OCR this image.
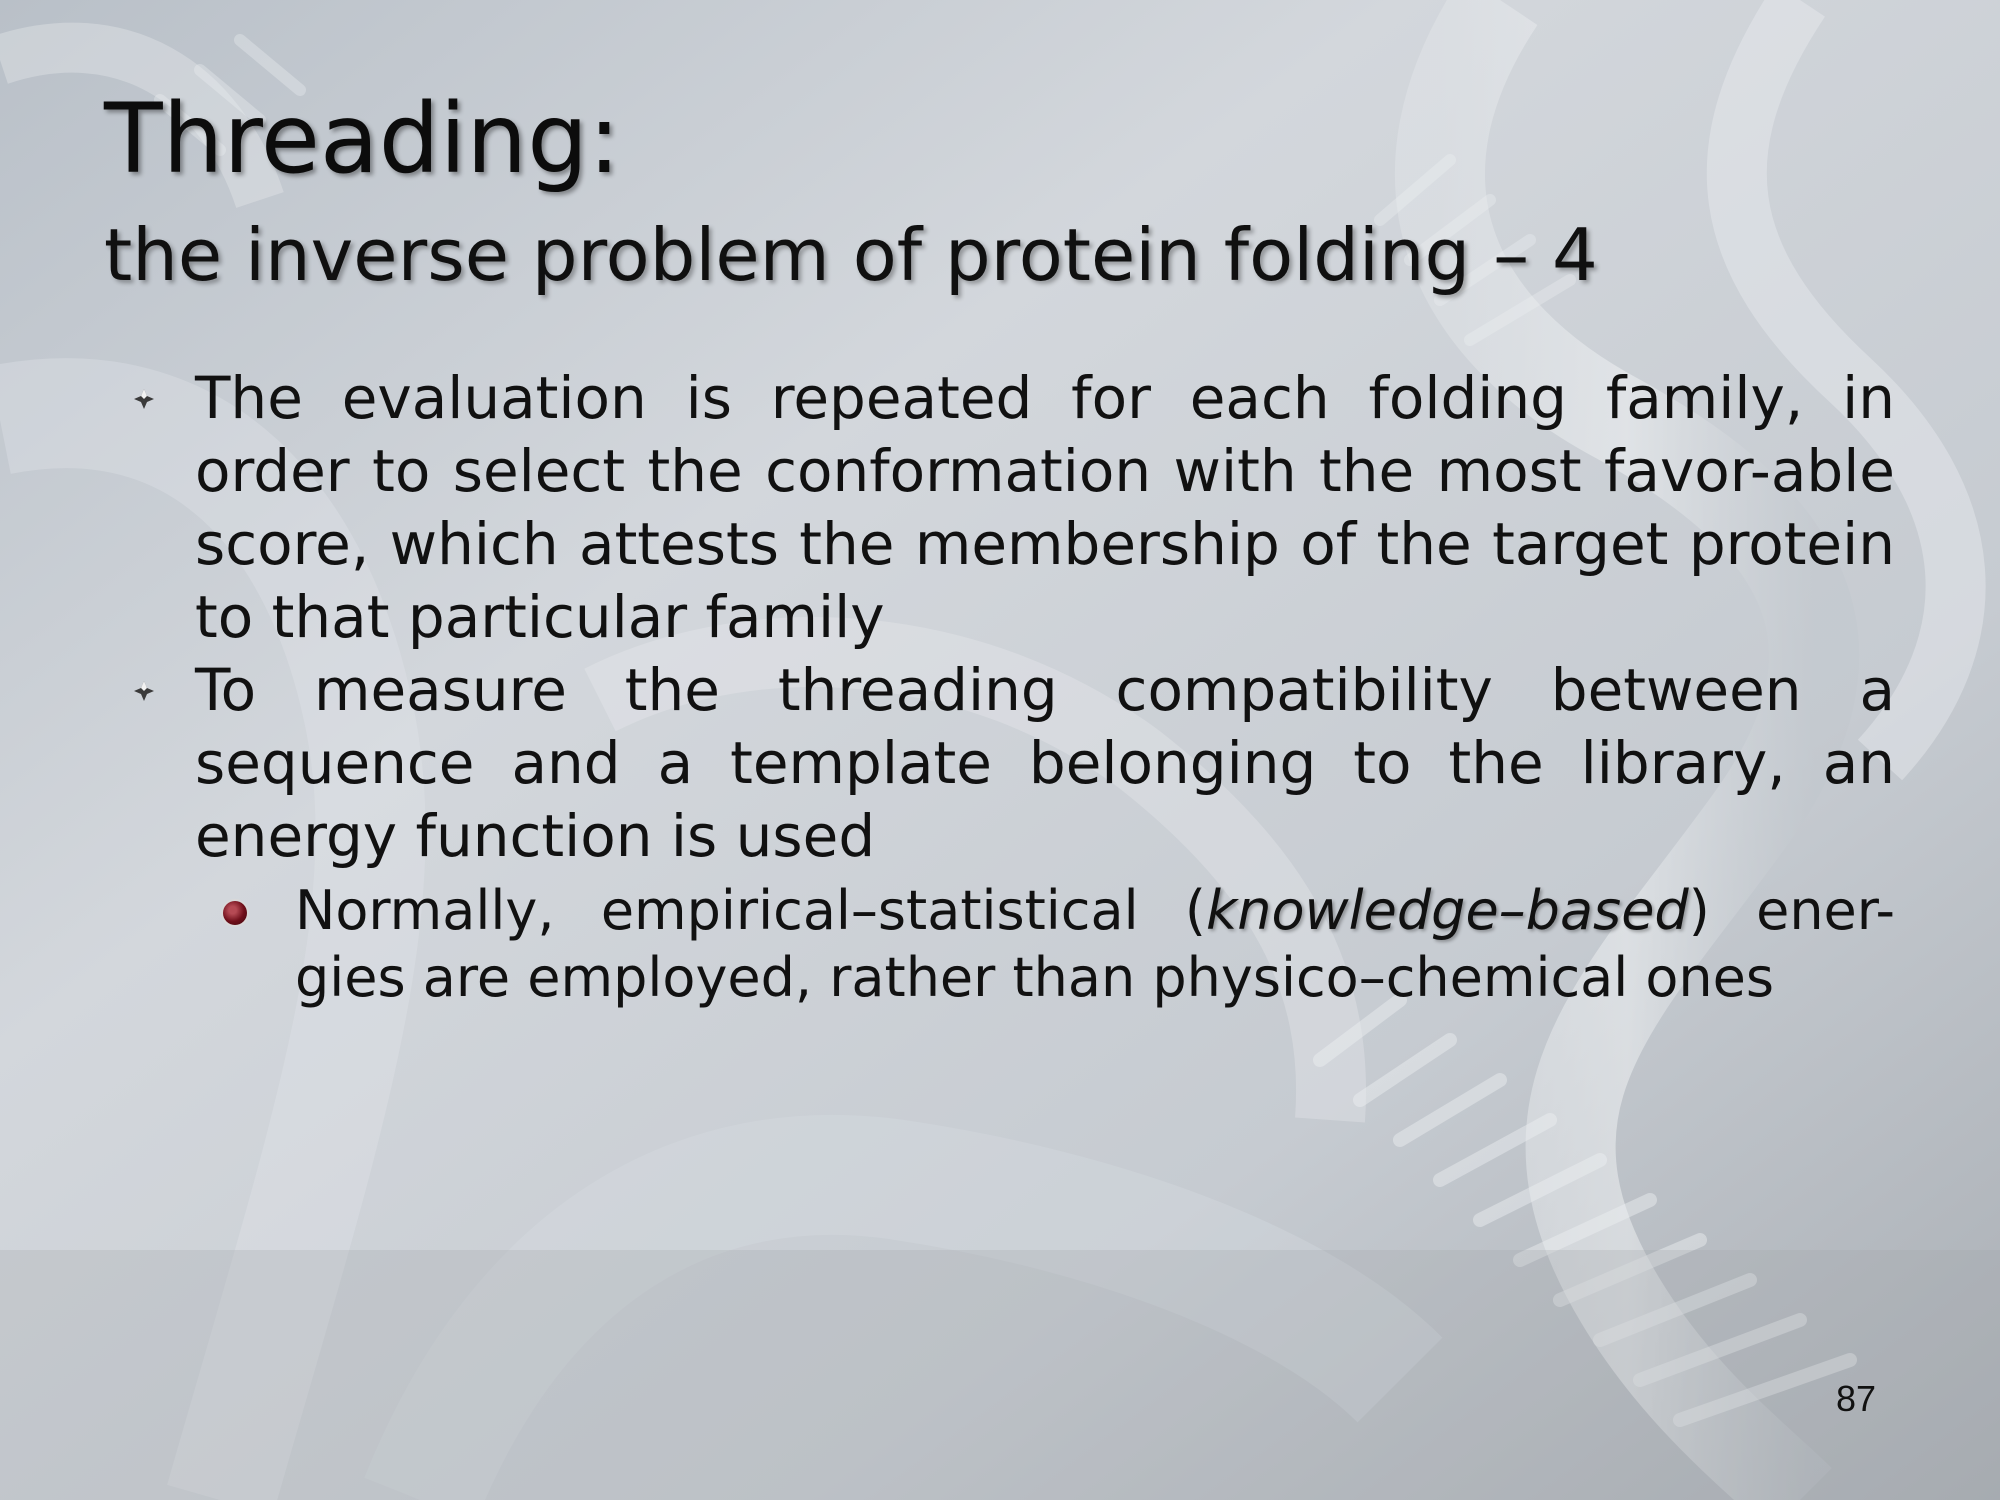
Threading:
the inverse problem of protein folding – 4
The evaluation is repeated for each folding family, in order to select the conformation with the most favor-able score, which attests the membership of the target protein to that particular family
To measure the threading compatibility between a sequence and a template belonging to the library, an energy function is used
Normally, empirical–statistical (knowledge–based) ener-gies are employed, rather than physico–chemical ones
87
